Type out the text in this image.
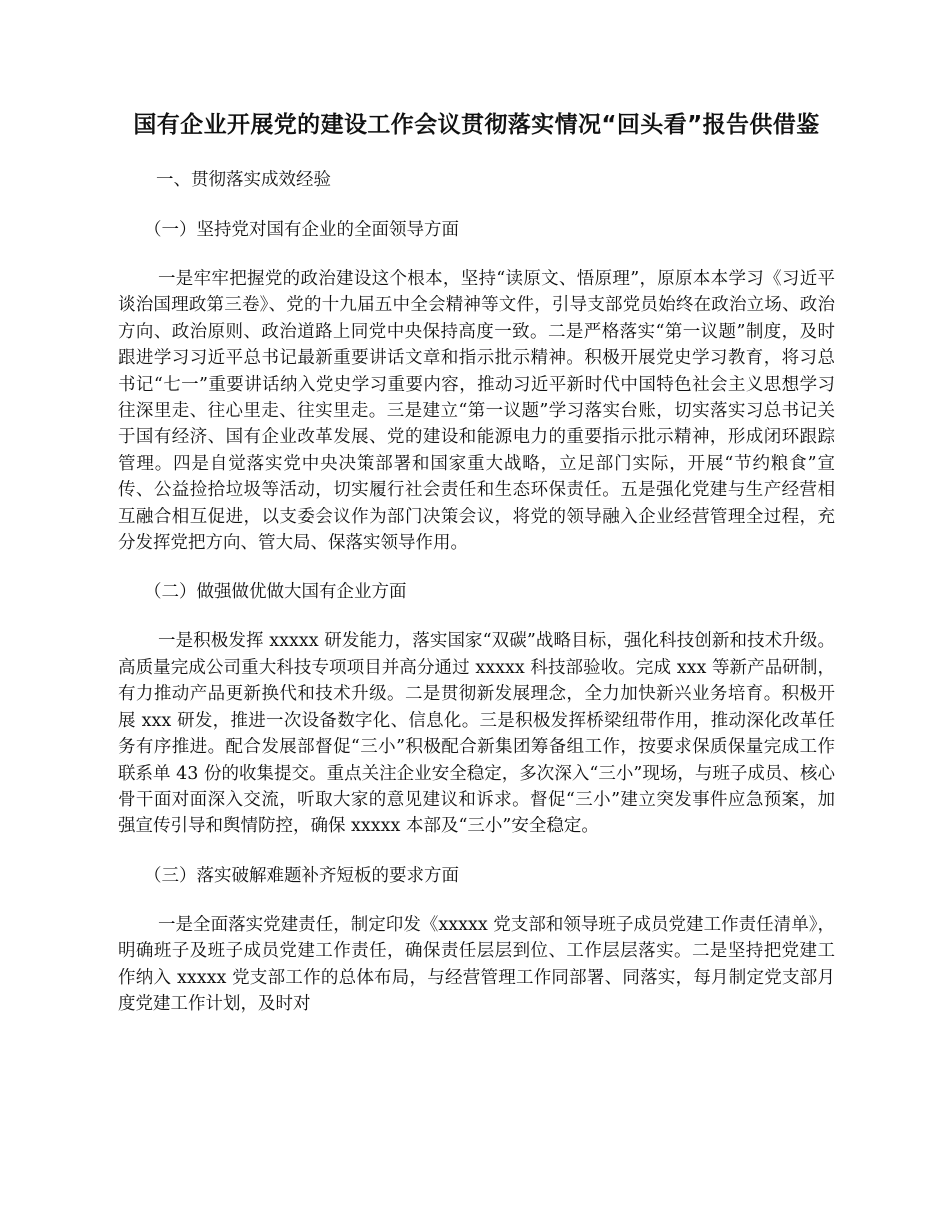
国有企业开展党的建设工作会议贯彻落实情况“回头看”报告供借鉴
一、贯彻落实成效经验
（一）坚持党对国有企业的全面领导方面

一是牢牢把握党的政治建设这个根本，坚持“读原文、悟原理”，原原本本学习《习近平谈治国理政第三卷》、党的十九届五中全会精神等文件，引导支部党员始终在政治立场、政治方向、政治原则、政治道路上同党中央保持高度一致。二是严格落实“第一议题”制度，及时跟进学习习近平总书记最新重要讲话文章和指示批示精神。积极开展党史学习教育，将习总书记“七一”重要讲话纳入党史学习重要内容，推动习近平新时代中国特色社会主义思想学习往深里走、往心里走、往实里走。三是建立“第一议题”学习落实台账，切实落实习总书记关于国有经济、国有企业改革发展、党的建设和能源电力的重要指示批示精神，形成闭环跟踪管理。四是自觉落实党中央决策部署和国家重大战略，立足部门实际，开展“节约粮食”宣传、公益捡拾垃圾等活动，切实履行社会责任和生态环保责任。五是强化党建与生产经营相互融合相互促进，以支委会议作为部门决策会议，将党的领导融入企业经营管理全过程，充分发挥党把方向、管大局、保落实领导作用。

（二）做强做优做大国有企业方面

一是积极发挥 xxxxx 研发能力，落实国家“双碳”战略目标，强化科技创新和技术升级。高质量完成公司重大科技专项项目并高分通过 xxxxx 科技部验收。完成 xxx 等新产品研制，有力推动产品更新换代和技术升级。二是贯彻新发展理念，全力加快新兴业务培育。积极开展 xxx 研发，推进一次设备数字化、信息化。三是积极发挥桥梁纽带作用，推动深化改革任务有序推进。配合发展部督促“三小”积极配合新集团筹备组工作，按要求保质保量完成工作联系单 43 份的收集提交。重点关注企业安全稳定，多次深入“三小”现场，与班子成员、核心骨干面对面深入交流，听取大家的意见建议和诉求。督促“三小”建立突发事件应急预案，加强宣传引导和舆情防控，确保 xxxxx 本部及“三小”安全稳定。

（三）落实破解难题补齐短板的要求方面

一是全面落实党建责任，制定印发《xxxxx 党支部和领导班子成员党建工作责任清单》，明确班子及班子成员党建工作责任，确保责任层层到位、工作层层落实。二是坚持把党建工作纳入 xxxxx 党支部工作的总体布局，与经营管理工作同部署、同落实，每月制定党支部月度党建工作计划，及时对
